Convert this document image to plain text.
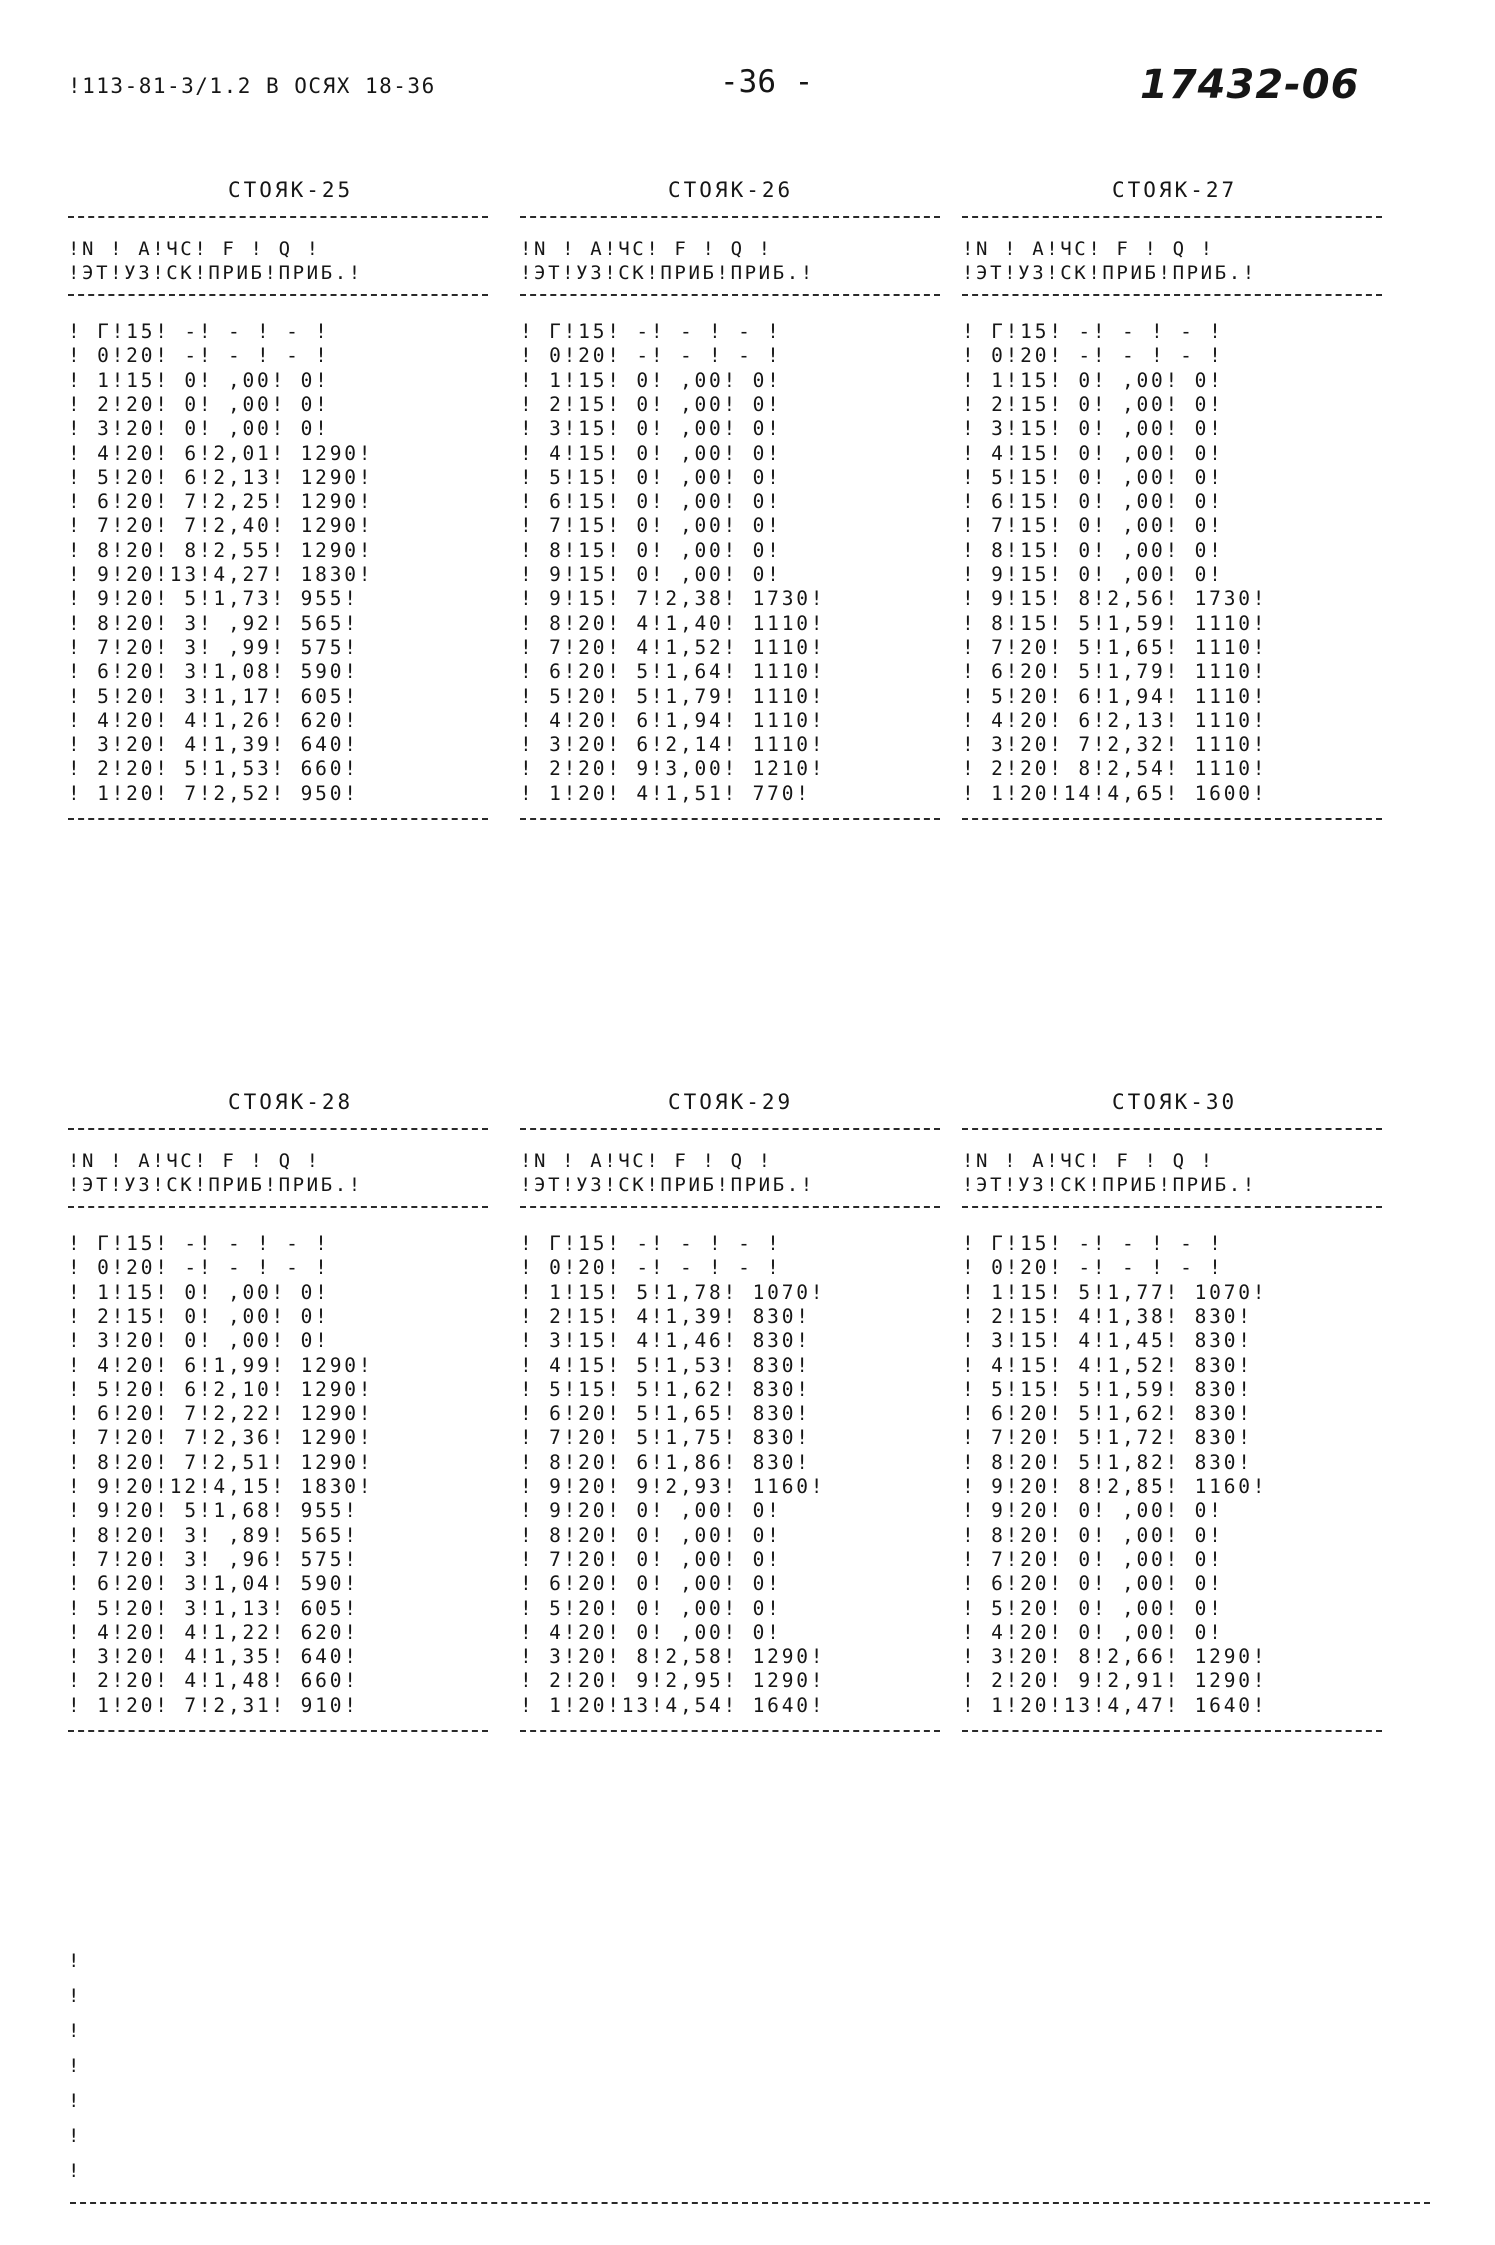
!113-81-3/1.2 В ОСЯХ 18-36	-36 -	17432-06
СТОЯК-25	СТОЯК-26	СТОЯК-27
!N ! А!ЧС! F ! Q !
!ЭТ!УЗ!СК!ПРИБ!ПРИБ.!
! Г!15! -! - ! - !
! 0!20! -! - ! - !
! 1!15! 0! ,00! 0!
! 2!20! 0! ,00! 0!
! 3!20! 0! ,00! 0!
! 4!20! 6!2,01! 1290!
! 5!20! 6!2,13! 1290!
! 6!20! 7!2,25! 1290!
! 7!20! 7!2,40! 1290!
! 8!20! 8!2,55! 1290!
! 9!20!13!4,27! 1830!
! 9!20! 5!1,73! 955!
! 8!20! 3! ,92! 565!
! 7!20! 3! ,99! 575!
! 6!20! 3!1,08! 590!
! 5!20! 3!1,17! 605!
! 4!20! 4!1,26! 620!
! 3!20! 4!1,39! 640!
! 2!20! 5!1,53! 660!
! 1!20! 7!2,52! 950!
!N ! А!ЧС! F ! Q !
!ЭТ!УЗ!СК!ПРИБ!ПРИБ.!
! Г!15! -! - ! - !
! 0!20! -! - ! - !
! 1!15! 0! ,00! 0!
! 2!15! 0! ,00! 0!
! 3!15! 0! ,00! 0!
! 4!15! 0! ,00! 0!
! 5!15! 0! ,00! 0!
! 6!15! 0! ,00! 0!
! 7!15! 0! ,00! 0!
! 8!15! 0! ,00! 0!
! 9!15! 0! ,00! 0!
! 9!15! 7!2,38! 1730!
! 8!20! 4!1,40! 1110!
! 7!20! 4!1,52! 1110!
! 6!20! 5!1,64! 1110!
! 5!20! 5!1,79! 1110!
! 4!20! 6!1,94! 1110!
! 3!20! 6!2,14! 1110!
! 2!20! 9!3,00! 1210!
! 1!20! 4!1,51! 770!
!N ! А!ЧС! F ! Q !
!ЭТ!УЗ!СК!ПРИБ!ПРИБ.!
! Г!15! -! - ! - !
! 0!20! -! - ! - !
! 1!15! 0! ,00! 0!
! 2!15! 0! ,00! 0!
! 3!15! 0! ,00! 0!
! 4!15! 0! ,00! 0!
! 5!15! 0! ,00! 0!
! 6!15! 0! ,00! 0!
! 7!15! 0! ,00! 0!
! 8!15! 0! ,00! 0!
! 9!15! 0! ,00! 0!
! 9!15! 8!2,56! 1730!
! 8!15! 5!1,59! 1110!
! 7!20! 5!1,65! 1110!
! 6!20! 5!1,79! 1110!
! 5!20! 6!1,94! 1110!
! 4!20! 6!2,13! 1110!
! 3!20! 7!2,32! 1110!
! 2!20! 8!2,54! 1110!
! 1!20!14!4,65! 1600!
СТОЯК-28	СТОЯК-29	СТОЯК-30
!N ! А!ЧС! F ! Q !
!ЭТ!УЗ!СК!ПРИБ!ПРИБ.!
! Г!15! -! - ! - !
! 0!20! -! - ! - !
! 1!15! 0! ,00! 0!
! 2!15! 0! ,00! 0!
! 3!20! 0! ,00! 0!
! 4!20! 6!1,99! 1290!
! 5!20! 6!2,10! 1290!
! 6!20! 7!2,22! 1290!
! 7!20! 7!2,36! 1290!
! 8!20! 7!2,51! 1290!
! 9!20!12!4,15! 1830!
! 9!20! 5!1,68! 955!
! 8!20! 3! ,89! 565!
! 7!20! 3! ,96! 575!
! 6!20! 3!1,04! 590!
! 5!20! 3!1,13! 605!
! 4!20! 4!1,22! 620!
! 3!20! 4!1,35! 640!
! 2!20! 4!1,48! 660!
! 1!20! 7!2,31! 910!
!N ! А!ЧС! F ! Q !
!ЭТ!УЗ!СК!ПРИБ!ПРИБ.!
! Г!15! -! - ! - !
! 0!20! -! - ! - !
! 1!15! 5!1,78! 1070!
! 2!15! 4!1,39! 830!
! 3!15! 4!1,46! 830!
! 4!15! 5!1,53! 830!
! 5!15! 5!1,62! 830!
! 6!20! 5!1,65! 830!
! 7!20! 5!1,75! 830!
! 8!20! 6!1,86! 830!
! 9!20! 9!2,93! 1160!
! 9!20! 0! ,00! 0!
! 8!20! 0! ,00! 0!
! 7!20! 0! ,00! 0!
! 6!20! 0! ,00! 0!
! 5!20! 0! ,00! 0!
! 4!20! 0! ,00! 0!
! 3!20! 8!2,58! 1290!
! 2!20! 9!2,95! 1290!
! 1!20!13!4,54! 1640!
!N ! А!ЧС! F ! Q !
!ЭТ!УЗ!СК!ПРИБ!ПРИБ.!
! Г!15! -! - ! - !
! 0!20! -! - ! - !
! 1!15! 5!1,77! 1070!
! 2!15! 4!1,38! 830!
! 3!15! 4!1,45! 830!
! 4!15! 4!1,52! 830!
! 5!15! 5!1,59! 830!
! 6!20! 5!1,62! 830!
! 7!20! 5!1,72! 830!
! 8!20! 5!1,82! 830!
! 9!20! 8!2,85! 1160!
! 9!20! 0! ,00! 0!
! 8!20! 0! ,00! 0!
! 7!20! 0! ,00! 0!
! 6!20! 0! ,00! 0!
! 5!20! 0! ,00! 0!
! 4!20! 0! ,00! 0!
! 3!20! 8!2,66! 1290!
! 2!20! 9!2,91! 1290!
! 1!20!13!4,47! 1640!
!
!
!
!
!
!
!
